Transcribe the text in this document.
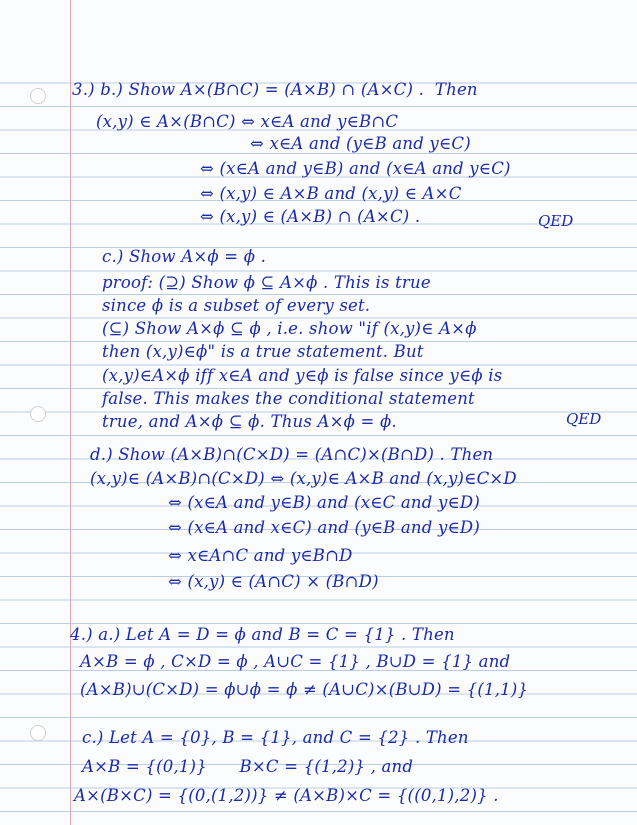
3.) b.) Show A×(B∩C) = (A×B) ∩ (A×C) .  Then
(x,y) ∈ A×(B∩C) ⇔ x∈A and y∈B∩C
⇔ x∈A and (y∈B and y∈C)
⇔ (x∈A and y∈B) and (x∈A and y∈C)
⇔ (x,y) ∈ A×B and (x,y) ∈ A×C
⇔ (x,y) ∈ (A×B) ∩ (A×C) .	QED
c.) Show A×ϕ = ϕ .
proof: (⊇) Show ϕ ⊆ A×ϕ . This is true
since ϕ is a subset of every set.
(⊆) Show A×ϕ ⊆ ϕ , i.e. show "if (x,y)∈ A×ϕ
then (x,y)∈ϕ" is a true statement. But
(x,y)∈A×ϕ iff x∈A and y∈ϕ is false since y∈ϕ is
false. This makes the conditional statement
true, and A×ϕ ⊆ ϕ. Thus A×ϕ = ϕ.	QED
d.) Show (A×B)∩(C×D) = (A∩C)×(B∩D) . Then
(x,y)∈ (A×B)∩(C×D) ⇔ (x,y)∈ A×B and (x,y)∈C×D
⇔ (x∈A and y∈B) and (x∈C and y∈D)
⇔ (x∈A and x∈C) and (y∈B and y∈D)
⇔ x∈A∩C and y∈B∩D
⇔ (x,y) ∈ (A∩C) × (B∩D)
4.) a.) Let A = D = ϕ and B = C = {1} . Then
A×B = ϕ , C×D = ϕ , A∪C = {1} , B∪D = {1} and
(A×B)∪(C×D) = ϕ∪ϕ = ϕ ≠ (A∪C)×(B∪D) = {(1,1)}
c.) Let A = {0}, B = {1}, and C = {2} . Then
A×B = {(0,1)}      B×C = {(1,2)} , and
A×(B×C) = {(0,(1,2))} ≠ (A×B)×C = {((0,1),2)} .
